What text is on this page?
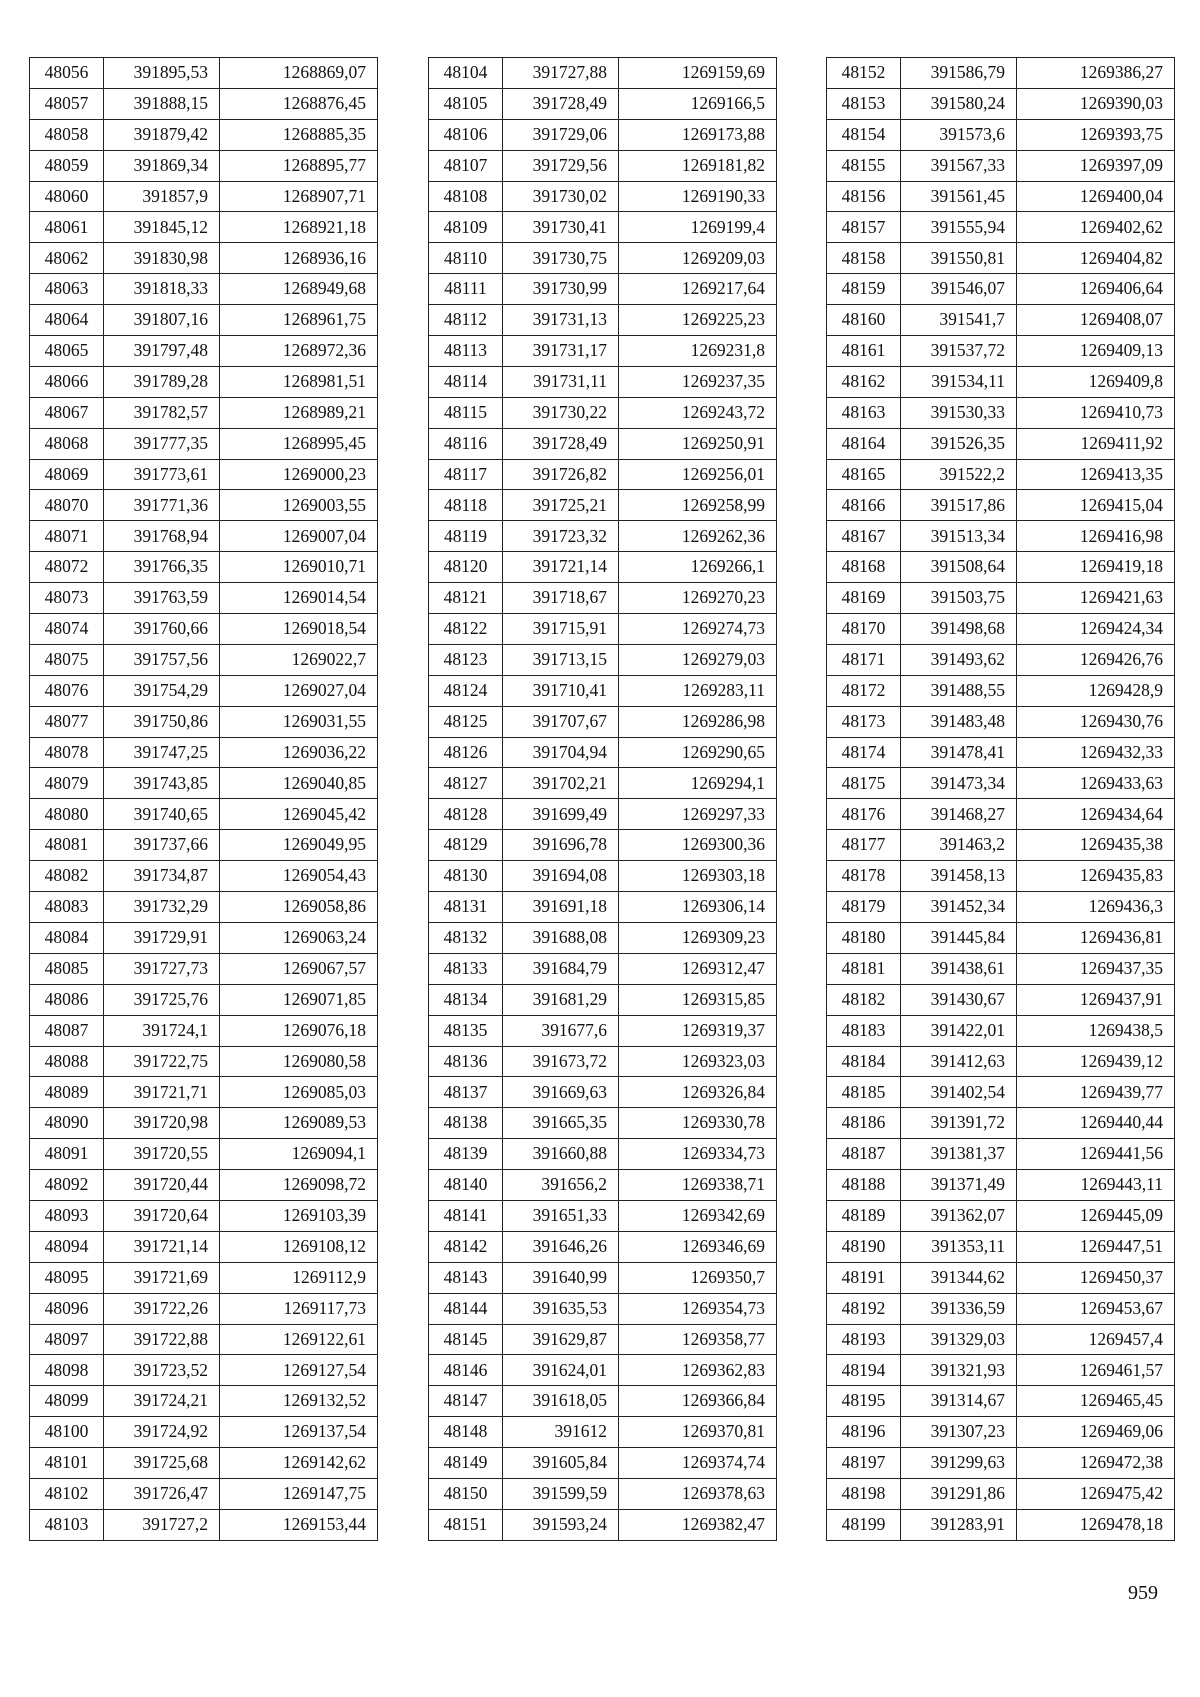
48056	391895,53	1268869,07
48057	391888,15	1268876,45
48058	391879,42	1268885,35
48059	391869,34	1268895,77
48060	391857,9	1268907,71
48061	391845,12	1268921,18
48062	391830,98	1268936,16
48063	391818,33	1268949,68
48064	391807,16	1268961,75
48065	391797,48	1268972,36
48066	391789,28	1268981,51
48067	391782,57	1268989,21
48068	391777,35	1268995,45
48069	391773,61	1269000,23
48070	391771,36	1269003,55
48071	391768,94	1269007,04
48072	391766,35	1269010,71
48073	391763,59	1269014,54
48074	391760,66	1269018,54
48075	391757,56	1269022,7
48076	391754,29	1269027,04
48077	391750,86	1269031,55
48078	391747,25	1269036,22
48079	391743,85	1269040,85
48080	391740,65	1269045,42
48081	391737,66	1269049,95
48082	391734,87	1269054,43
48083	391732,29	1269058,86
48084	391729,91	1269063,24
48085	391727,73	1269067,57
48086	391725,76	1269071,85
48087	391724,1	1269076,18
48088	391722,75	1269080,58
48089	391721,71	1269085,03
48090	391720,98	1269089,53
48091	391720,55	1269094,1
48092	391720,44	1269098,72
48093	391720,64	1269103,39
48094	391721,14	1269108,12
48095	391721,69	1269112,9
48096	391722,26	1269117,73
48097	391722,88	1269122,61
48098	391723,52	1269127,54
48099	391724,21	1269132,52
48100	391724,92	1269137,54
48101	391725,68	1269142,62
48102	391726,47	1269147,75
48103	391727,2	1269153,44
48104	391727,88	1269159,69
48105	391728,49	1269166,5
48106	391729,06	1269173,88
48107	391729,56	1269181,82
48108	391730,02	1269190,33
48109	391730,41	1269199,4
48110	391730,75	1269209,03
48111	391730,99	1269217,64
48112	391731,13	1269225,23
48113	391731,17	1269231,8
48114	391731,11	1269237,35
48115	391730,22	1269243,72
48116	391728,49	1269250,91
48117	391726,82	1269256,01
48118	391725,21	1269258,99
48119	391723,32	1269262,36
48120	391721,14	1269266,1
48121	391718,67	1269270,23
48122	391715,91	1269274,73
48123	391713,15	1269279,03
48124	391710,41	1269283,11
48125	391707,67	1269286,98
48126	391704,94	1269290,65
48127	391702,21	1269294,1
48128	391699,49	1269297,33
48129	391696,78	1269300,36
48130	391694,08	1269303,18
48131	391691,18	1269306,14
48132	391688,08	1269309,23
48133	391684,79	1269312,47
48134	391681,29	1269315,85
48135	391677,6	1269319,37
48136	391673,72	1269323,03
48137	391669,63	1269326,84
48138	391665,35	1269330,78
48139	391660,88	1269334,73
48140	391656,2	1269338,71
48141	391651,33	1269342,69
48142	391646,26	1269346,69
48143	391640,99	1269350,7
48144	391635,53	1269354,73
48145	391629,87	1269358,77
48146	391624,01	1269362,83
48147	391618,05	1269366,84
48148	391612	1269370,81
48149	391605,84	1269374,74
48150	391599,59	1269378,63
48151	391593,24	1269382,47
48152	391586,79	1269386,27
48153	391580,24	1269390,03
48154	391573,6	1269393,75
48155	391567,33	1269397,09
48156	391561,45	1269400,04
48157	391555,94	1269402,62
48158	391550,81	1269404,82
48159	391546,07	1269406,64
48160	391541,7	1269408,07
48161	391537,72	1269409,13
48162	391534,11	1269409,8
48163	391530,33	1269410,73
48164	391526,35	1269411,92
48165	391522,2	1269413,35
48166	391517,86	1269415,04
48167	391513,34	1269416,98
48168	391508,64	1269419,18
48169	391503,75	1269421,63
48170	391498,68	1269424,34
48171	391493,62	1269426,76
48172	391488,55	1269428,9
48173	391483,48	1269430,76
48174	391478,41	1269432,33
48175	391473,34	1269433,63
48176	391468,27	1269434,64
48177	391463,2	1269435,38
48178	391458,13	1269435,83
48179	391452,34	1269436,3
48180	391445,84	1269436,81
48181	391438,61	1269437,35
48182	391430,67	1269437,91
48183	391422,01	1269438,5
48184	391412,63	1269439,12
48185	391402,54	1269439,77
48186	391391,72	1269440,44
48187	391381,37	1269441,56
48188	391371,49	1269443,11
48189	391362,07	1269445,09
48190	391353,11	1269447,51
48191	391344,62	1269450,37
48192	391336,59	1269453,67
48193	391329,03	1269457,4
48194	391321,93	1269461,57
48195	391314,67	1269465,45
48196	391307,23	1269469,06
48197	391299,63	1269472,38
48198	391291,86	1269475,42
48199	391283,91	1269478,18
959
